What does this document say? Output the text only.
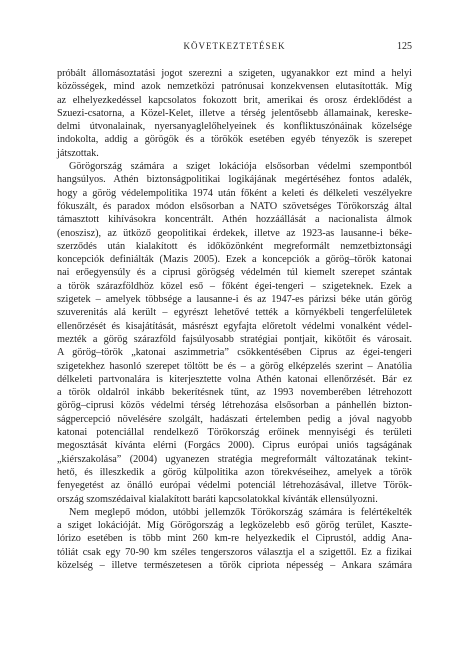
KÖVETKEZTETÉSEK	125

próbált állomásoztatási jogot szerezni a szigeten, ugyanakkor ezt mind a helyi

közösségek, mind azok nemzetközi patrónusai konzekvensen elutasították. Míg

az elhelyezkedéssel kapcsolatos fokozott brit, amerikai és orosz érdeklődést a

Szuezi-csatorna, a Közel-Kelet, illetve a térség jelentősebb államainak, kereske-

delmi útvonalainak, nyersanyaglelőhelyeinek és konfliktuszónáinak közelsége

indokolta, addig a görögök és a törökök esetében egyéb tényezők is szerepet

játszottak.

Görögország számára a sziget lokációja elsősorban védelmi szempontból

hangsúlyos. Athén biztonságpolitikai logikájának megértéséhez fontos adalék,

hogy a görög védelempolitika 1974 után főként a keleti és délkeleti veszélyekre

fókuszált, és paradox módon elsősorban a NATO szövetséges Törökország által

támasztott kihívásokra koncentrált. Athén hozzáállását a nacionalista álmok

(enoszisz), az ütköző geopolitikai érdekek, illetve az 1923-as lausanne-i béke-

szerződés után kialakított és időközönként megreformált nemzetbiztonsági

koncepciók definiálták (Mazis 2005). Ezek a koncepciók a görög–török katonai

nai erőegyensúly és a ciprusi görögség védelmén túl kiemelt szerepet szántak

a török szárazföldhöz közel eső – főként égei-tengeri – szigeteknek. Ezek a

szigetek – amelyek többsége a lausanne-i és az 1947-es párizsi béke után görög

szuverenitás alá került – egyrészt lehetővé tették a környékbeli tengerfelületek

ellenőrzését és kisajátítását, másrészt egyfajta előretolt védelmi vonalként védel-

mezték a görög szárazföld fajsúlyosabb stratégiai pontjait, kikötőit és városait.

A görög–török „katonai aszimmetria” csökkentésében Ciprus az égei-tengeri

szigetekhez hasonló szerepet töltött be és – a görög elképzelés szerint – Anatólia

délkeleti partvonalára is kiterjesztette volna Athén katonai ellenőrzését. Bár ez

a török oldalról inkább bekerítésnek tűnt, az 1993 novemberében létrehozott

görög–ciprusi közös védelmi térség létrehozása elsősorban a pánhellén bizton-

ságpercepció növelésére szolgált, hadászati értelemben pedig a jóval nagyobb

katonai potenciállal rendelkező Törökország erőinek mennyiségi és területi

megosztását kívánta elérni (Forgács 2000). Ciprus európai uniós tagságának

„kiérszakolása” (2004) ugyanezen stratégia megreformált változatának tekint-

hető, és illeszkedik a görög külpolitika azon törekvéseihez, amelyek a török

fenyegetést az önálló európai védelmi potenciál létrehozásával, illetve Török-

ország szomszédaival kialakított baráti kapcsolatokkal kívánták ellensúlyozni.

Nem meglepő módon, utóbbi jellemzők Törökország számára is felértékelték

a sziget lokációját. Míg Görögország a legközelebb eső görög terület, Kaszte-

lórizo esetében is több mint 260 km-re helyezkedik el Ciprustól, addig Ana-

tóliát csak egy 70-90 km széles tengerszoros választja el a szigettől. Ez a fizikai

közelség – illetve természetesen a török cipriota népesség – Ankara számára
